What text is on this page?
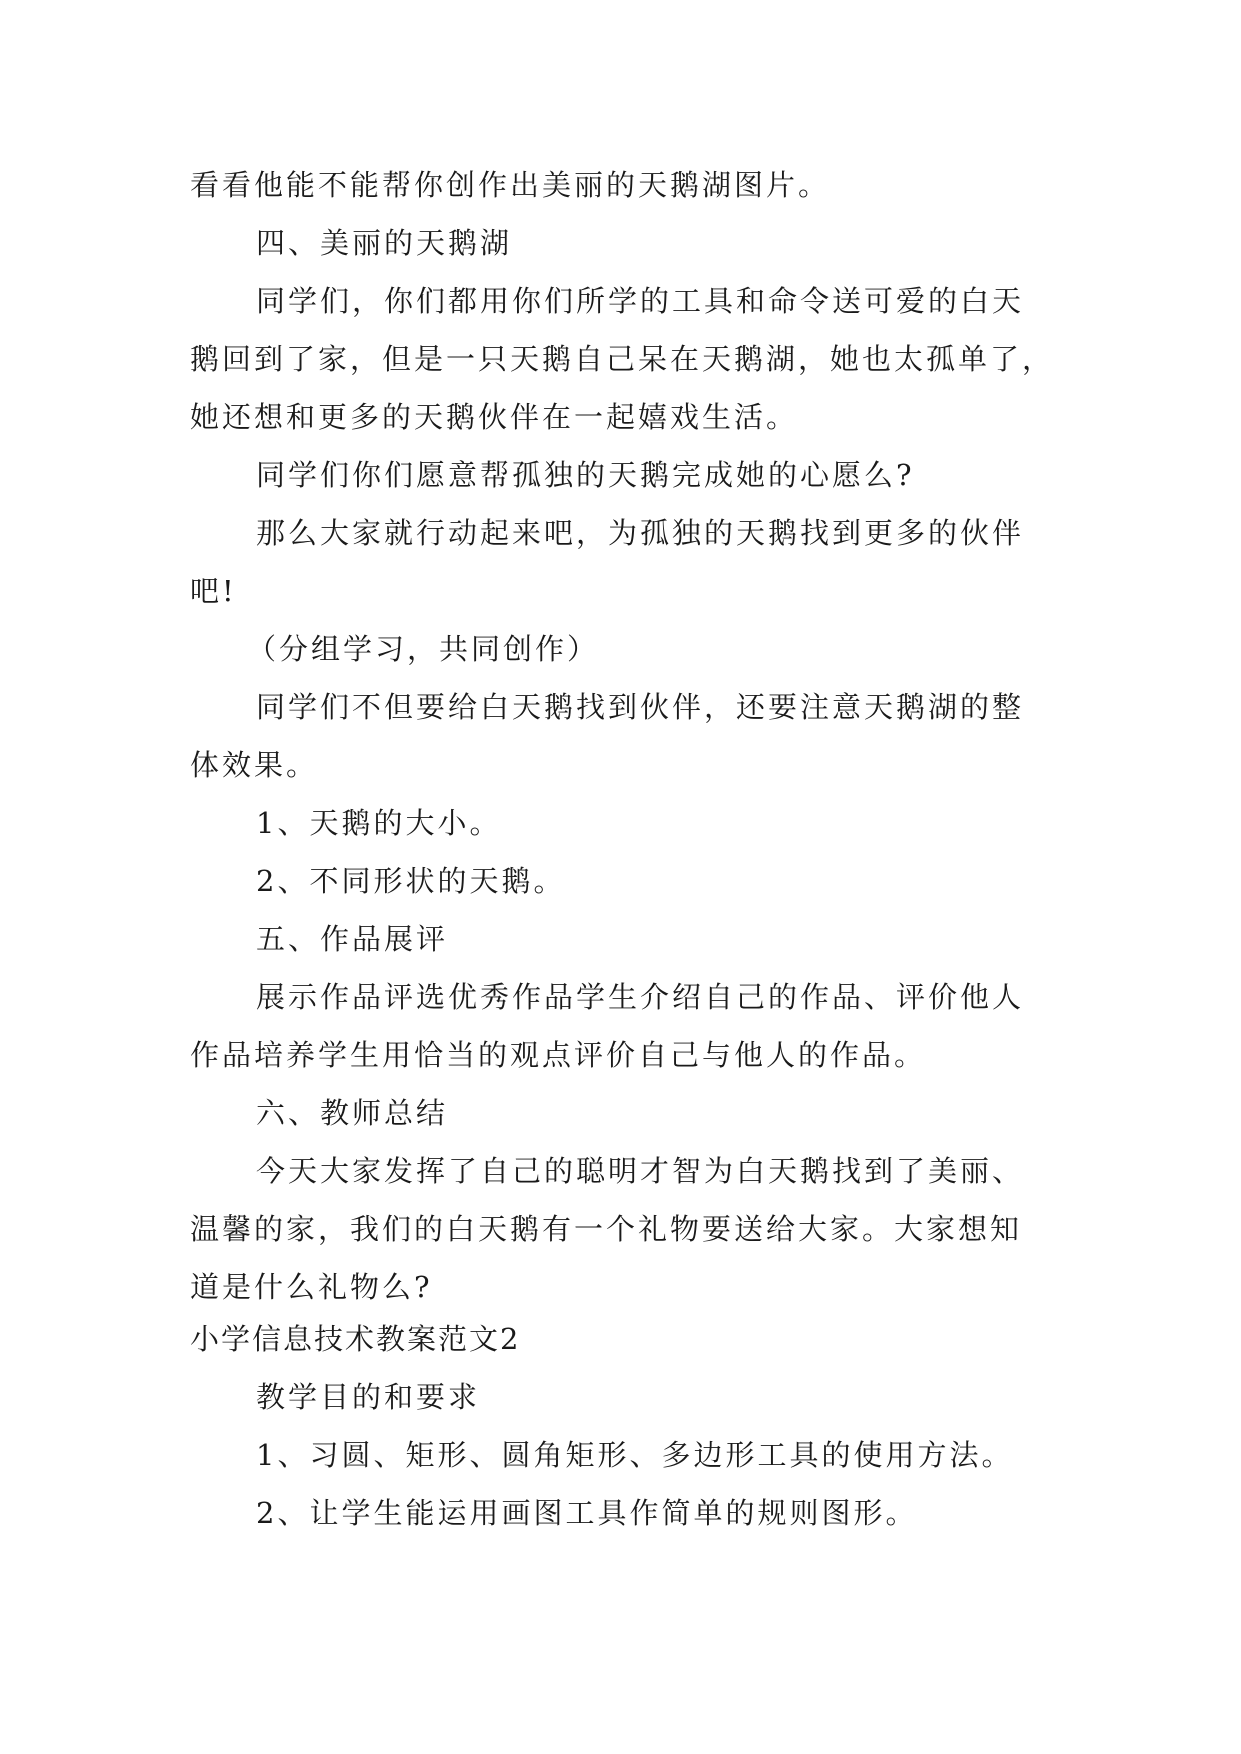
看看他能不能帮你创作出美丽的天鹅湖图片。
四、美丽的天鹅湖
同学们，你们都用你们所学的工具和命令送可爱的白天
鹅回到了家，但是一只天鹅自己呆在天鹅湖，她也太孤单了，
她还想和更多的天鹅伙伴在一起嬉戏生活。
同学们你们愿意帮孤独的天鹅完成她的心愿么?
那么大家就行动起来吧，为孤独的天鹅找到更多的伙伴
吧!
（分组学习，共同创作）
同学们不但要给白天鹅找到伙伴，还要注意天鹅湖的整
体效果。
1、天鹅的大小。
2、不同形状的天鹅。
五、作品展评
展示作品评选优秀作品学生介绍自己的作品、评价他人
作品培养学生用恰当的观点评价自己与他人的作品。
六、教师总结
今天大家发挥了自己的聪明才智为白天鹅找到了美丽、
温馨的家，我们的白天鹅有一个礼物要送给大家。大家想知
道是什么礼物么?
小学信息技术教案范文2
教学目的和要求
1、习圆、矩形、圆角矩形、多边形工具的使用方法。
2、让学生能运用画图工具作简单的规则图形。
